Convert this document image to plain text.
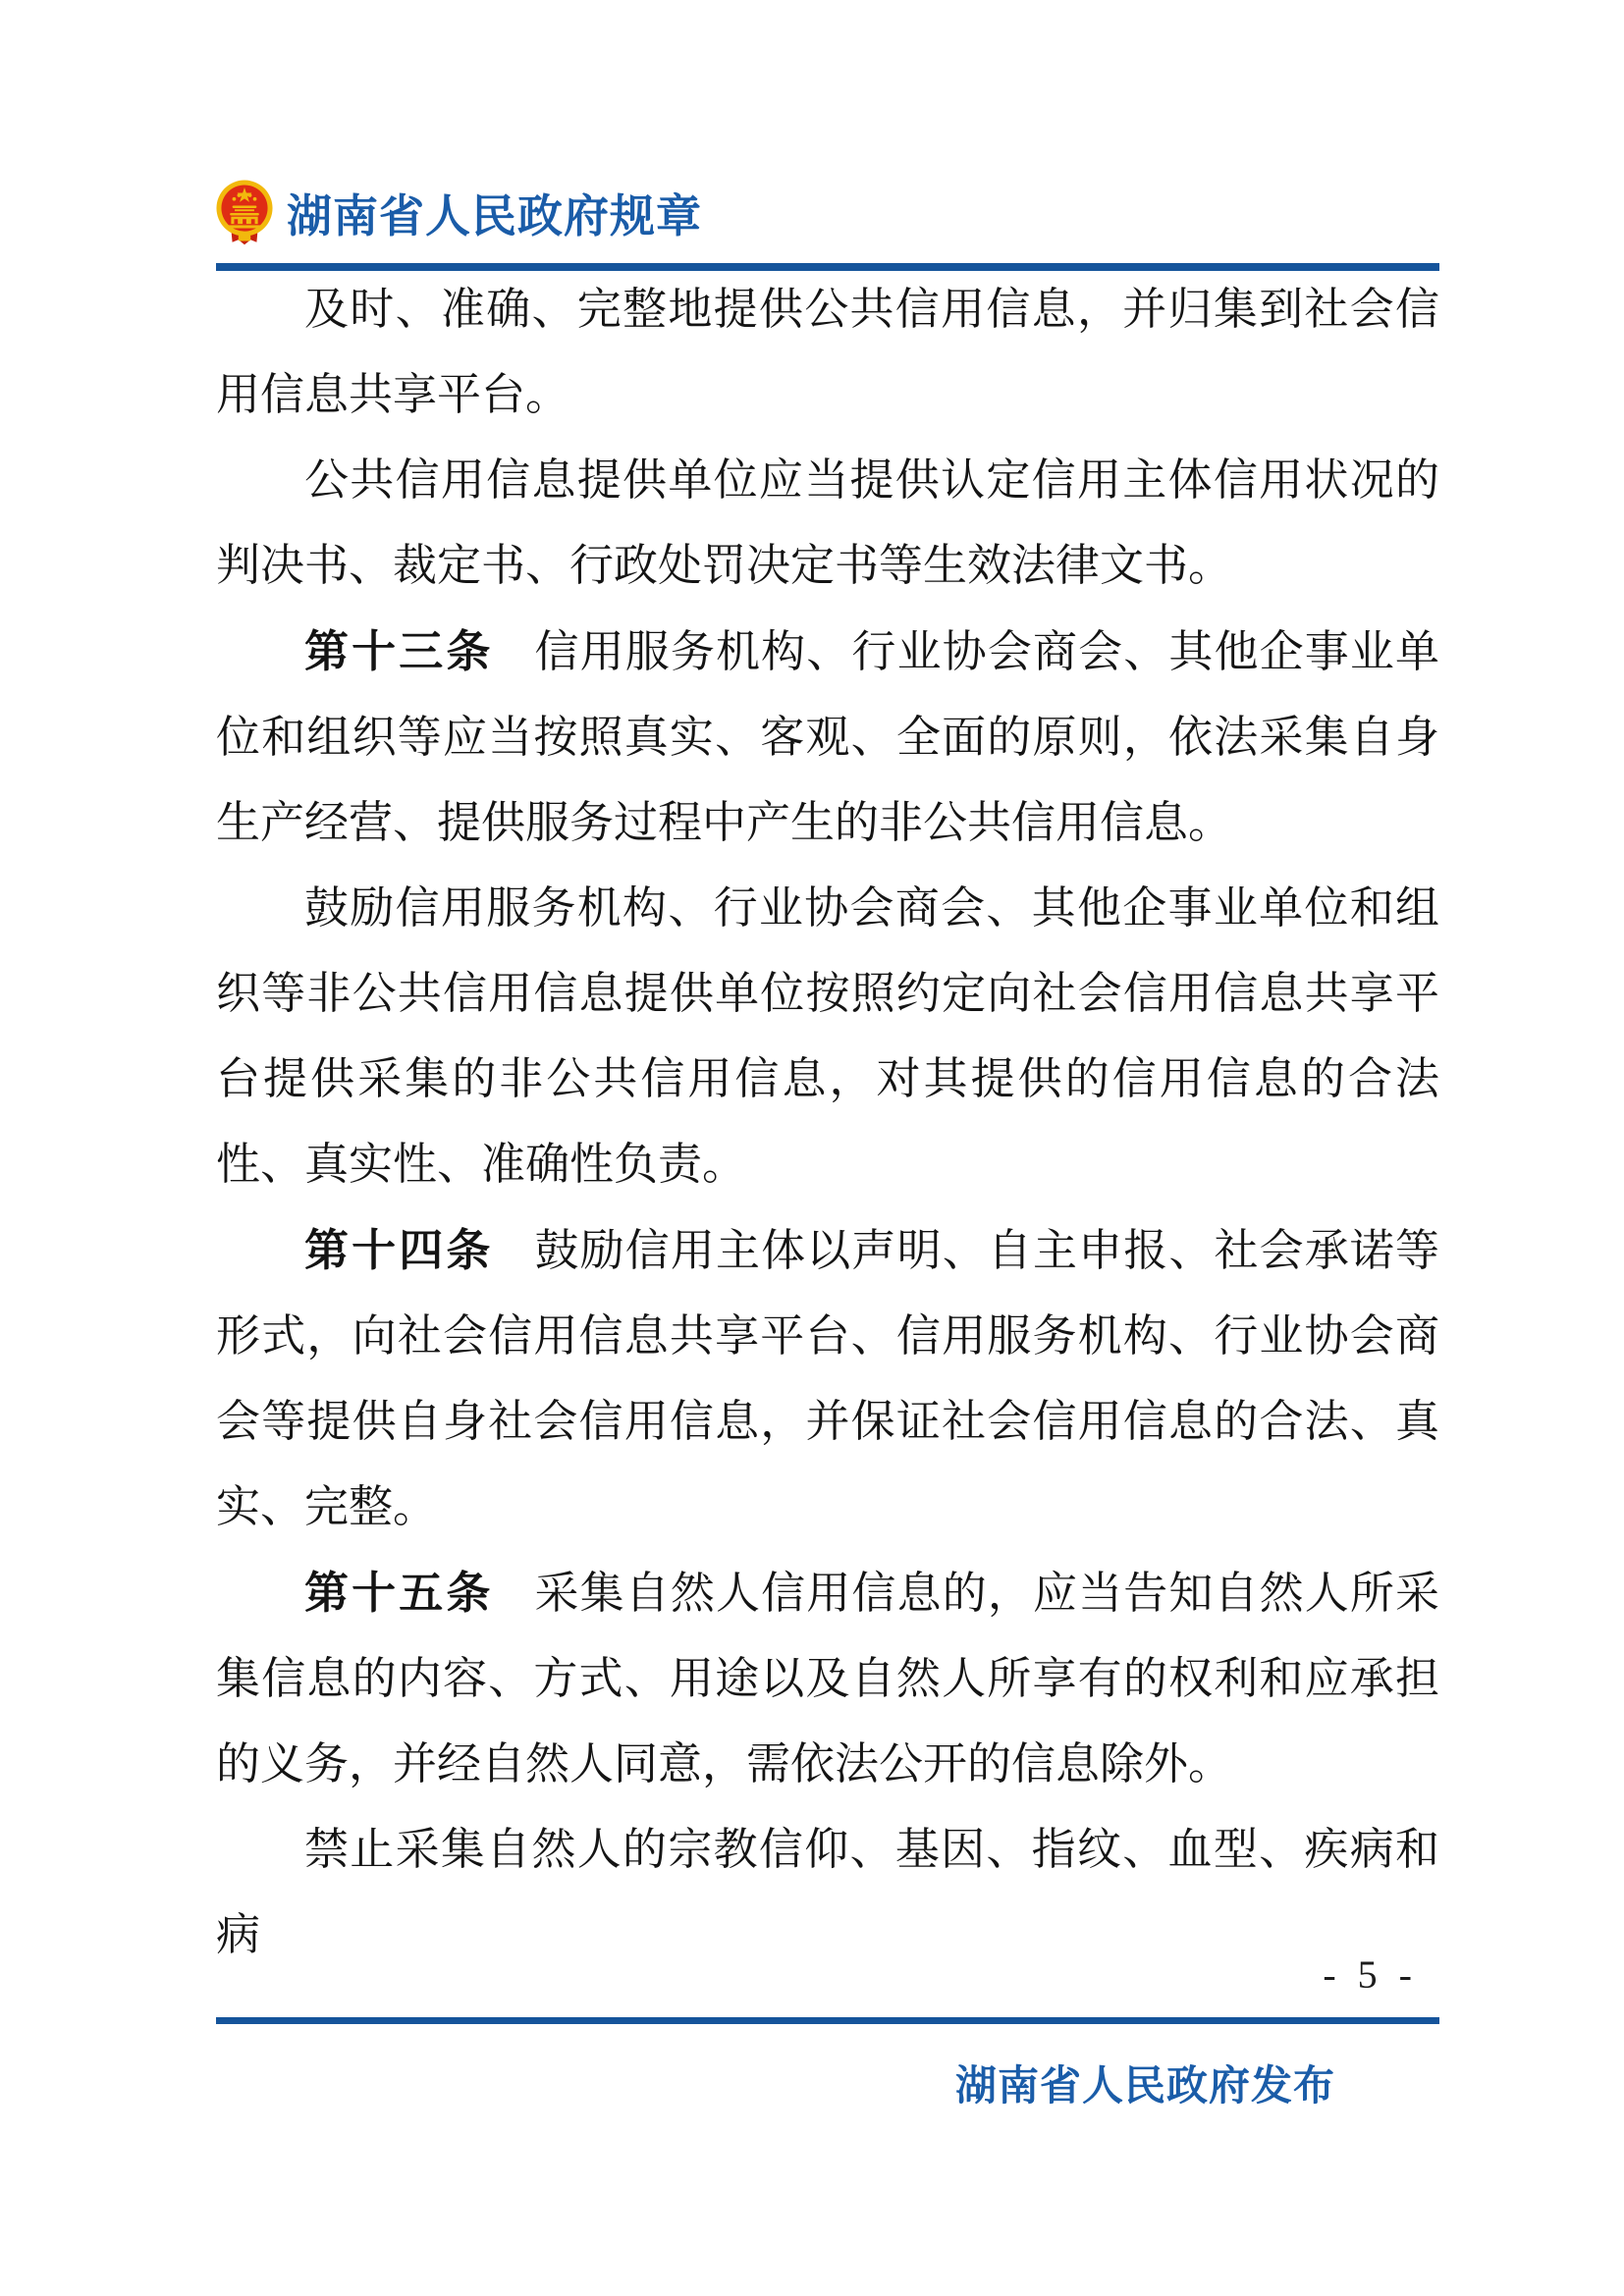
湖南省人民政府规章

及时、准确、完整地提供公共信用信息，并归集到社会信用信息共享平台。

公共信用信息提供单位应当提供认定信用主体信用状况的判决书、裁定书、行政处罚决定书等生效法律文书。

第十三条 信用服务机构、行业协会商会、其他企事业单位和组织等应当按照真实、客观、全面的原则，依法采集自身生产经营、提供服务过程中产生的非公共信用信息。

鼓励信用服务机构、行业协会商会、其他企事业单位和组织等非公共信用信息提供单位按照约定向社会信用信息共享平台提供采集的非公共信用信息，对其提供的信用信息的合法性、真实性、准确性负责。

第十四条 鼓励信用主体以声明、自主申报、社会承诺等形式，向社会信用信息共享平台、信用服务机构、行业协会商会等提供自身社会信用信息，并保证社会信用信息的合法、真实、完整。

第十五条 采集自然人信用信息的，应当告知自然人所采集信息的内容、方式、用途以及自然人所享有的权利和应承担的义务，并经自然人同意，需依法公开的信息除外。

禁止采集自然人的宗教信仰、基因、指纹、血型、疾病和病

- 5 -
湖南省人民政府发布
